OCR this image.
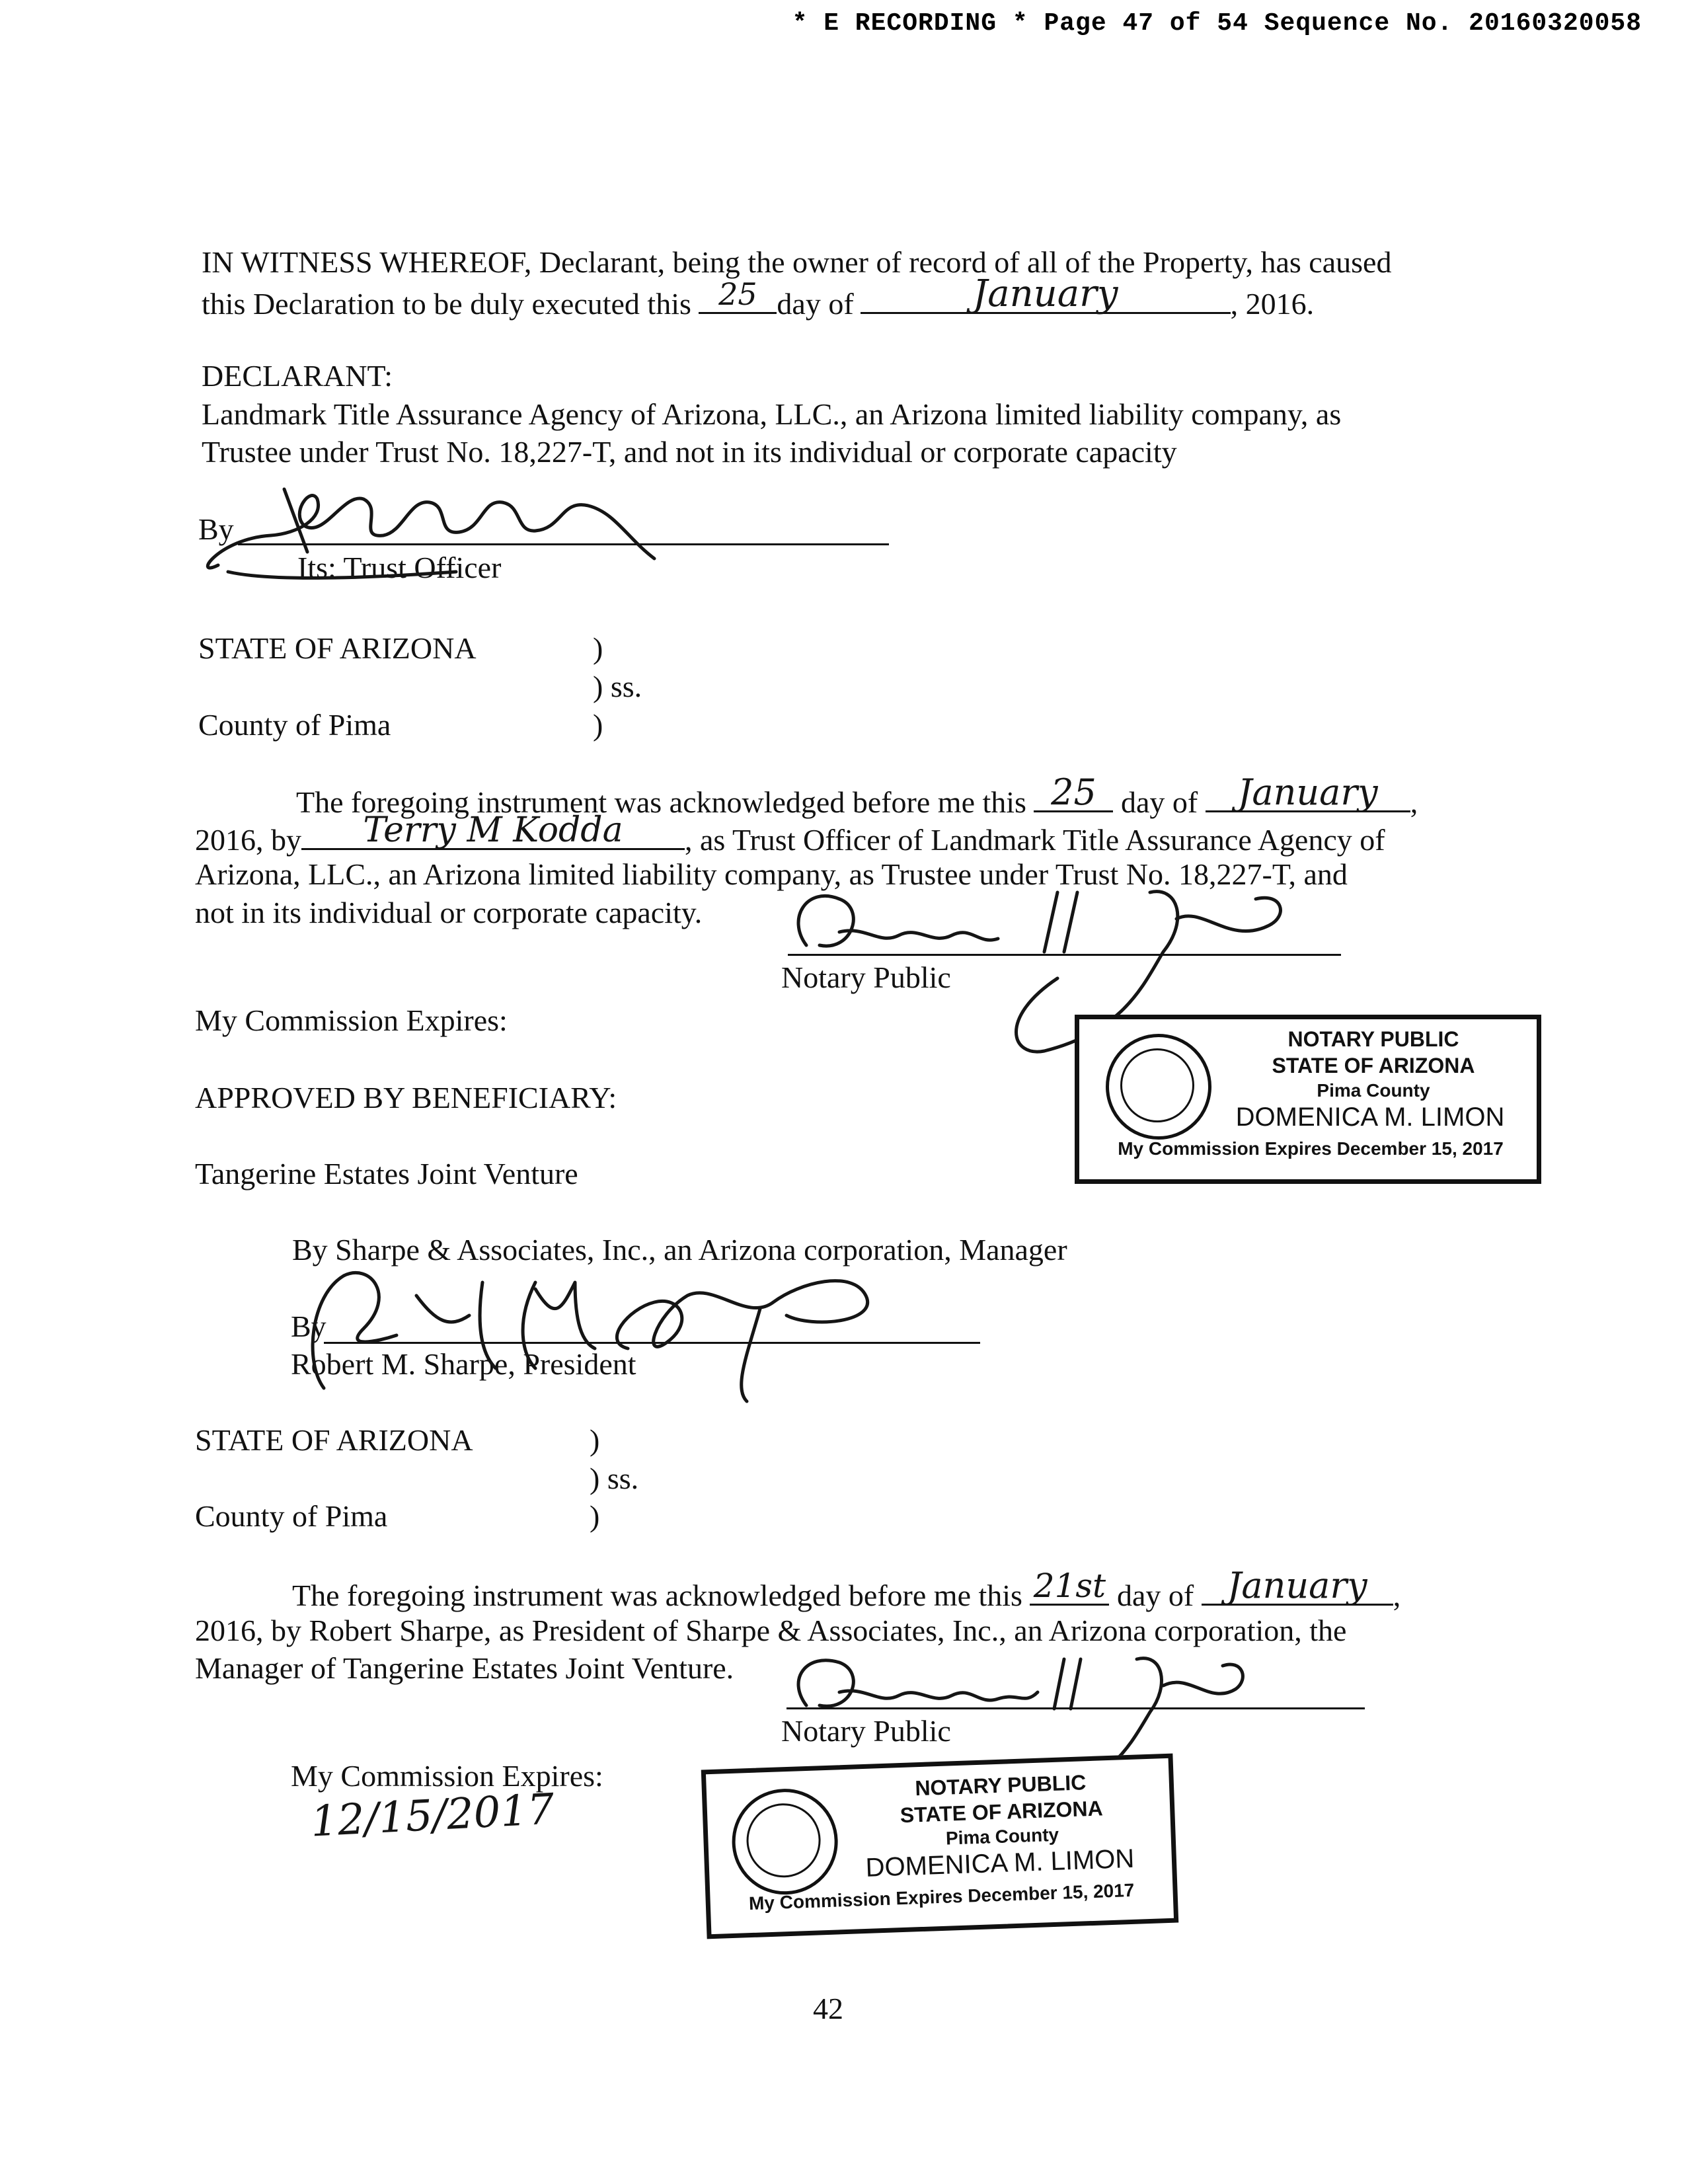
* E RECORDING * Page 47 of 54 Sequence No. 20160320058
IN WITNESS WHEREOF, Declarant, being the owner of record of all of the Property, has caused
this Declaration to be duly executed this 25 day of	January	, 2016.
DECLARANT:
Landmark Title Assurance Agency of Arizona, LLC., an Arizona limited liability company, as
Trustee under Trust No. 18,227-T, and not in its individual or corporate capacity
By
Its: Trust Officer
STATE OF ARIZONA	)
) ss.
County of Pima	)
The foregoing instrument was acknowledged before me this 25 day of	January	,
2016, by	Terry M Kodda	, as Trust Officer of Landmark Title Assurance Agency of
Arizona, LLC., an Arizona limited liability company, as Trustee under Trust No. 18,227-T, and
not in its individual or corporate capacity.
Notary Public
My Commission Expires:
NOTARY PUBLIC
STATE OF ARIZONA
Pima County
DOMENICA M. LIMON
My Commission Expires December 15, 2017
APPROVED BY BENEFICIARY:
Tangerine Estates Joint Venture
By Sharpe & Associates, Inc., an Arizona corporation, Manager
By
Robert M. Sharpe, President
STATE OF ARIZONA	)
) ss.
County of Pima	)
The foregoing instrument was acknowledged before me this 21st day of January ,
2016, by Robert Sharpe, as President of Sharpe & Associates, Inc., an Arizona corporation, the
Manager of Tangerine Estates Joint Venture.
Notary Public
My Commission Expires:
12/15/2017	NOTARY PUBLIC
STATE OF ARIZONA
Pima County
DOMENICA M. LIMON
My Commission Expires December 15, 2017
42
